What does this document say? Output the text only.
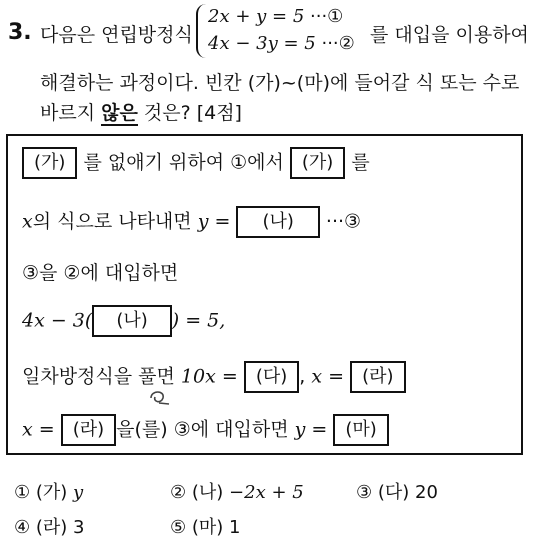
3. 다음은 연립방정식
2x + y = 5 ···①
4x − 3y = 5 ···② 를 대입을 이용하여
해결하는 과정이다. 빈칸 (가)~(마)에 들어갈 식 또는 수로
바르지 않은 것은? [4점]
(가) 를 없애기 위하여 ①에서 (가) 를
x의 식으로 나타내면 y = (나) ···③
③을 ②에 대입하면
4x − 3( (나) ) = 5,
일차방정식을 풀면 10x = (다) , x = (라)
x = (라) 을(를) ③에 대입하면 y = (마)
① (가) y	② (나) −2x + 5	③ (다) 20
④ (라) 3	⑤ (마) 1
